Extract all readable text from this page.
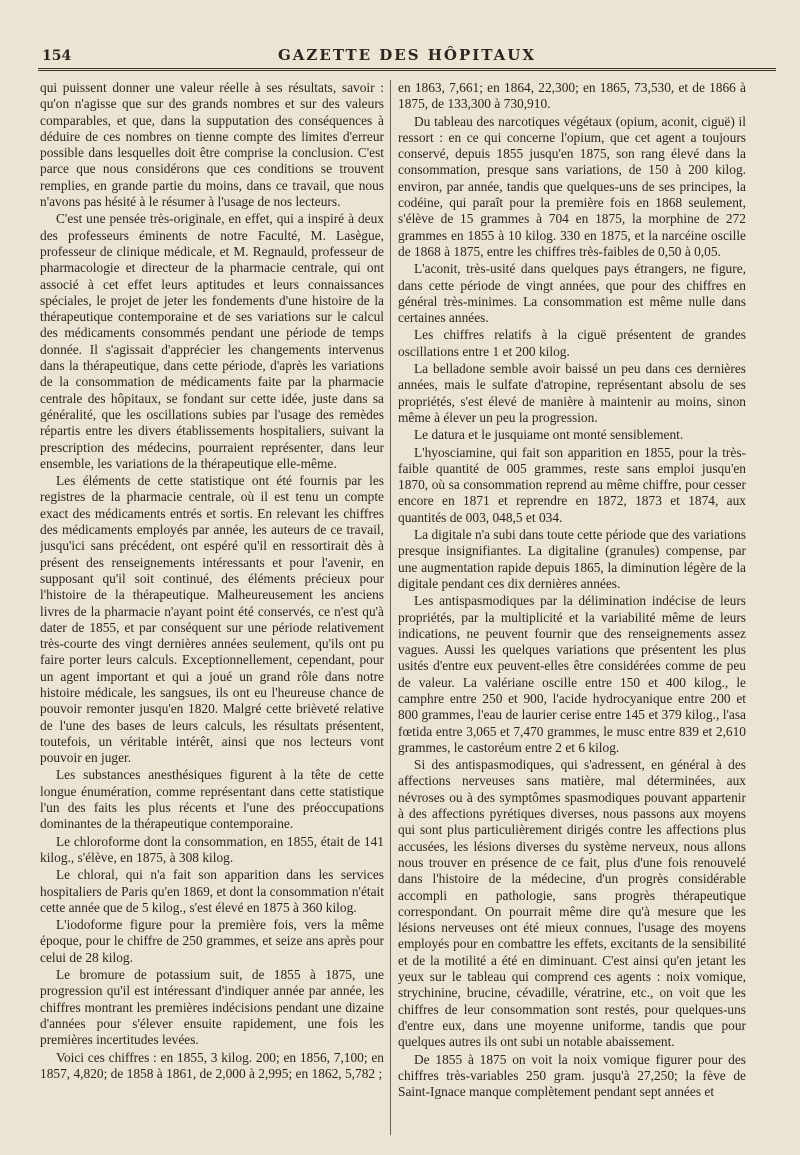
154	GAZETTE DES HÔPITAUX

qui puissent donner une valeur réelle à ses résultats, savoir : qu'on n'agisse que sur des grands nombres et sur des valeurs comparables, et que, dans la supputation des conséquences à déduire de ces nombres on tienne compte des limites d'erreur possible dans lesquelles doit être comprise la conclusion. C'est parce que nous considérons que ces conditions se trouvent remplies, en grande partie du moins, dans ce travail, que nous n'avons pas hésité à le résumer à l'usage de nos lecteurs.

C'est une pensée très-originale, en effet, qui a inspiré à deux des professeurs éminents de notre Faculté, M. Lasègue, professeur de clinique médicale, et M. Regnauld, professeur de pharmacologie et directeur de la pharmacie centrale, qui ont associé à cet effet leurs aptitudes et leurs connaissances spéciales, le projet de jeter les fondements d'une histoire de la thérapeutique contemporaine et de ses variations sur le calcul des médicaments consommés pendant une période de temps donnée. Il s'agissait d'apprécier les changements intervenus dans la thérapeutique, dans cette période, d'après les variations de la consommation de médicaments faite par la pharmacie centrale des hôpitaux, se fondant sur cette idée, juste dans sa généralité, que les oscillations subies par l'usage des remèdes répartis entre les divers établissements hospitaliers, suivant la prescription des médecins, pourraient représenter, dans leur ensemble, les variations de la thérapeutique elle-même.

Les éléments de cette statistique ont été fournis par les registres de la pharmacie centrale, où il est tenu un compte exact des médicaments entrés et sortis. En relevant les chiffres des médicaments employés par année, les auteurs de ce travail, jusqu'ici sans précédent, ont espéré qu'il en ressortirait dès à présent des renseignements intéressants et pour l'avenir, en supposant qu'il soit continué, des éléments précieux pour l'histoire de la thérapeutique. Malheureusement les anciens livres de la pharmacie n'ayant point été conservés, ce n'est qu'à dater de 1855, et par conséquent sur une période relativement très-courte des vingt dernières années seulement, qu'ils ont pu faire porter leurs calculs. Exceptionnellement, cependant, pour un agent important et qui a joué un grand rôle dans notre histoire médicale, les sangsues, ils ont eu l'heureuse chance de pouvoir remonter jusqu'en 1820. Malgré cette brièveté relative de l'une des bases de leurs calculs, les résultats présentent, toutefois, un véritable intérêt, ainsi que nos lecteurs vont pouvoir en juger.

Les substances anesthésiques figurent à la tête de cette longue énumération, comme représentant dans cette statistique l'un des faits les plus récents et l'une des préoccupations dominantes de la thérapeutique contemporaine.

Le chloroforme dont la consommation, en 1855, était de 141 kilog., s'élève, en 1875, à 308 kilog.

Le chloral, qui n'a fait son apparition dans les services hospitaliers de Paris qu'en 1869, et dont la consommation n'était cette année que de 5 kilog., s'est élevé en 1875 à 360 kilog.

L'iodoforme figure pour la première fois, vers la même époque, pour le chiffre de 250 grammes, et seize ans après pour celui de 28 kilog.

Le bromure de potassium suit, de 1855 à 1875, une progression qu'il est intéressant d'indiquer année par année, les chiffres montrant les premières indécisions pendant une dizaine d'années pour s'élever ensuite rapidement, une fois les premières incertitudes levées.

Voici ces chiffres : en 1855, 3 kilog. 200; en 1856, 7,100; en 1857, 4,820; de 1858 à 1861, de 2,000 à 2,995; en 1862, 5,782 ;

en 1863, 7,661; en 1864, 22,300; en 1865, 73,530, et de 1866 à 1875, de 133,300 à 730,910.

Du tableau des narcotiques végétaux (opium, aconit, ciguë) il ressort : en ce qui concerne l'opium, que cet agent a toujours conservé, depuis 1855 jusqu'en 1875, son rang élevé dans la consommation, presque sans variations, de 150 à 200 kilog. environ, par année, tandis que quelques-uns de ses principes, la codéine, qui paraît pour la première fois en 1868 seulement, s'élève de 15 grammes à 704 en 1875, la morphine de 272 grammes en 1855 à 10 kilog. 330 en 1875, et la narcéine oscille de 1868 à 1875, entre les chiffres très-faibles de 0,50 à 0,05.

L'aconit, très-usité dans quelques pays étrangers, ne figure, dans cette période de vingt années, que pour des chiffres en général très-minimes. La consommation est même nulle dans certaines années.

Les chiffres relatifs à la ciguë présentent de grandes oscillations entre 1 et 200 kilog.

La belladone semble avoir baissé un peu dans ces dernières années, mais le sulfate d'atropine, représentant absolu de ses propriétés, s'est élevé de manière à maintenir au moins, sinon même à élever un peu la progression.

Le datura et le jusquiame ont monté sensiblement.

L'hyosciamine, qui fait son apparition en 1855, pour la très-faible quantité de 005 grammes, reste sans emploi jusqu'en 1870, où sa consommation reprend au même chiffre, pour cesser encore en 1871 et reprendre en 1872, 1873 et 1874, aux quantités de 003, 048,5 et 034.

La digitale n'a subi dans toute cette période que des variations presque insignifiantes. La digitaline (granules) compense, par une augmentation rapide depuis 1865, la diminution légère de la digitale pendant ces dix dernières années.

Les antispasmodiques par la délimination indécise de leurs propriétés, par la multiplicité et la variabilité même de leurs indications, ne peuvent fournir que des renseignements assez vagues. Aussi les quelques variations que présentent les plus usités d'entre eux peuvent-elles être considérées comme de peu de valeur. La valériane oscille entre 150 et 400 kilog., le camphre entre 250 et 900, l'acide hydrocyanique entre 200 et 800 grammes, l'eau de laurier cerise entre 145 et 379 kilog., l'asa fœtida entre 3,065 et 7,470 grammes, le musc entre 839 et 2,610 grammes, le castoréum entre 2 et 6 kilog.

Si des antispasmodiques, qui s'adressent, en général à des affections nerveuses sans matière, mal déterminées, aux névroses ou à des symptômes spasmodiques pouvant appartenir à des affections pyrétiques diverses, nous passons aux moyens qui sont plus particulièrement dirigés contre les affections plus accusées, les lésions diverses du système nerveux, nous allons nous trouver en présence de ce fait, plus d'une fois renouvelé dans l'histoire de la médecine, d'un progrès considérable accompli en pathologie, sans progrès thérapeutique correspondant. On pourrait même dire qu'à mesure que les lésions nerveuses ont été mieux connues, l'usage des moyens employés pour en combattre les effets, excitants de la sensibilité et de la motilité a été en diminuant. C'est ainsi qu'en jetant les yeux sur le tableau qui comprend ces agents : noix vomique, strychinine, brucine, cévadille, vératrine, etc., on voit que les chiffres de leur consommation sont restés, pour quelques-uns d'entre eux, dans une moyenne uniforme, tandis que pour quelques autres ils ont subi un notable abaissement.

De 1855 à 1875 on voit la noix vomique figurer pour des chiffres très-variables 250 gram. jusqu'à 27,250; la fève de Saint-Ignace manque complètement pendant sept années et
